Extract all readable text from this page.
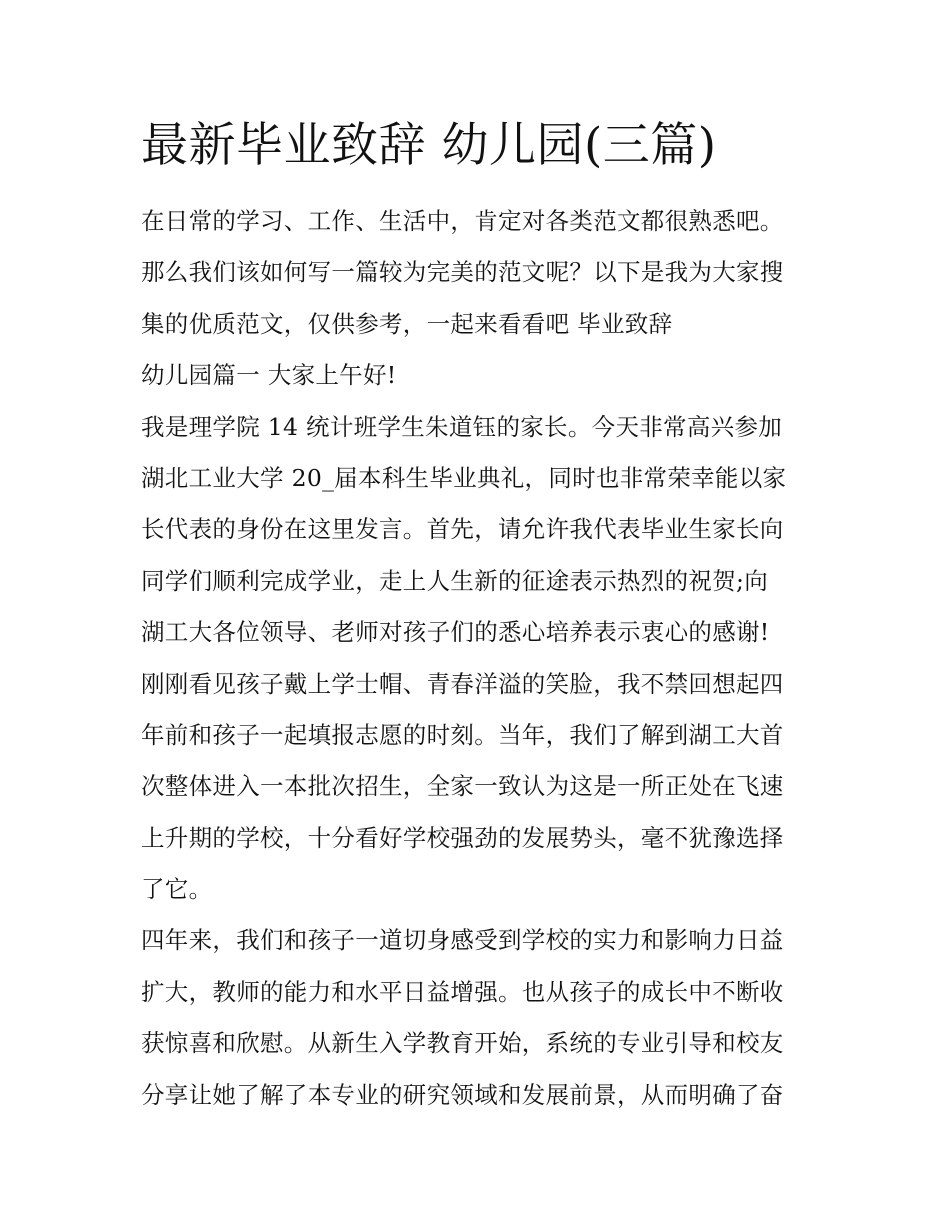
最新毕业致辞 幼儿园(三篇)
在日常的学习、工作、生活中，肯定对各类范文都很熟悉吧。
那么我们该如何写一篇较为完美的范文呢？以下是我为大家搜
集的优质范文，仅供参考，一起来看看吧 毕业致辞
幼儿园篇一 大家上午好!
我是理学院 14 统计班学生朱道钰的家长。今天非常高兴参加
湖北工业大学 20_届本科生毕业典礼，同时也非常荣幸能以家
长代表的身份在这里发言。首先，请允许我代表毕业生家长向
同学们顺利完成学业，走上人生新的征途表示热烈的祝贺;向
湖工大各位领导、老师对孩子们的悉心培养表示衷心的感谢!
刚刚看见孩子戴上学士帽、青春洋溢的笑脸，我不禁回想起四
年前和孩子一起填报志愿的时刻。当年，我们了解到湖工大首
次整体进入一本批次招生，全家一致认为这是一所正处在飞速
上升期的学校，十分看好学校强劲的发展势头，毫不犹豫选择
了它。
四年来，我们和孩子一道切身感受到学校的实力和影响力日益
扩大，教师的能力和水平日益增强。也从孩子的成长中不断收
获惊喜和欣慰。从新生入学教育开始，系统的专业引导和校友
分享让她了解了本专业的研究领域和发展前景，从而明确了奋
